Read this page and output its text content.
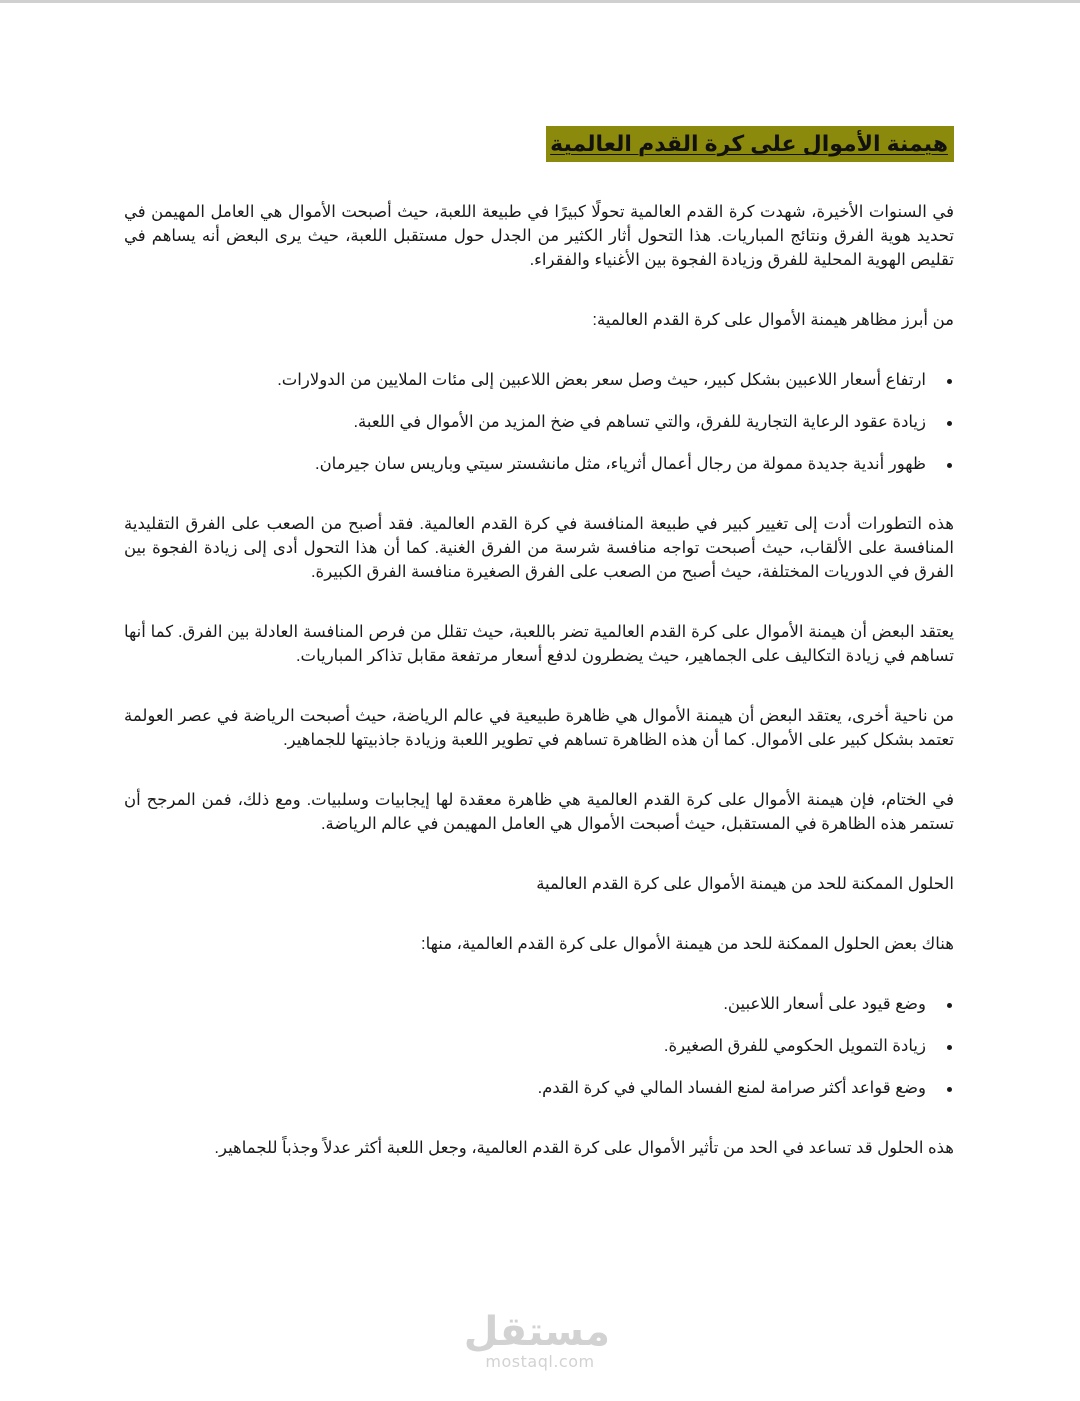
هيمنة الأموال على كرة القدم العالمية

في السنوات الأخيرة، شهدت كرة القدم العالمية تحولًا كبيرًا في طبيعة اللعبة، حيث أصبحت الأموال هي العامل المهيمن في تحديد هوية الفرق ونتائج المباريات. هذا التحول أثار الكثير من الجدل حول مستقبل اللعبة، حيث يرى البعض أنه يساهم في تقليص الهوية المحلية للفرق وزيادة الفجوة بين الأغنياء والفقراء.

من أبرز مظاهر هيمنة الأموال على كرة القدم العالمية:

ارتفاع أسعار اللاعبين بشكل كبير، حيث وصل سعر بعض اللاعبين إلى مئات الملايين من الدولارات.
زيادة عقود الرعاية التجارية للفرق، والتي تساهم في ضخ المزيد من الأموال في اللعبة.
ظهور أندية جديدة ممولة من رجال أعمال أثرياء، مثل مانشستر سيتي وباريس سان جيرمان.

هذه التطورات أدت إلى تغيير كبير في طبيعة المنافسة في كرة القدم العالمية. فقد أصبح من الصعب على الفرق التقليدية المنافسة على الألقاب، حيث أصبحت تواجه منافسة شرسة من الفرق الغنية. كما أن هذا التحول أدى إلى زيادة الفجوة بين الفرق في الدوريات المختلفة، حيث أصبح من الصعب على الفرق الصغيرة منافسة الفرق الكبيرة.

يعتقد البعض أن هيمنة الأموال على كرة القدم العالمية تضر باللعبة، حيث تقلل من فرص المنافسة العادلة بين الفرق. كما أنها تساهم في زيادة التكاليف على الجماهير، حيث يضطرون لدفع أسعار مرتفعة مقابل تذاكر المباريات.

من ناحية أخرى، يعتقد البعض أن هيمنة الأموال هي ظاهرة طبيعية في عالم الرياضة، حيث أصبحت الرياضة في عصر العولمة تعتمد بشكل كبير على الأموال. كما أن هذه الظاهرة تساهم في تطوير اللعبة وزيادة جاذبيتها للجماهير.

في الختام، فإن هيمنة الأموال على كرة القدم العالمية هي ظاهرة معقدة لها إيجابيات وسلبيات. ومع ذلك، فمن المرجح أن تستمر هذه الظاهرة في المستقبل، حيث أصبحت الأموال هي العامل المهيمن في عالم الرياضة.

الحلول الممكنة للحد من هيمنة الأموال على كرة القدم العالمية

هناك بعض الحلول الممكنة للحد من هيمنة الأموال على كرة القدم العالمية، منها:

وضع قيود على أسعار اللاعبين.
زيادة التمويل الحكومي للفرق الصغيرة.
وضع قواعد أكثر صرامة لمنع الفساد المالي في كرة القدم.

هذه الحلول قد تساعد في الحد من تأثير الأموال على كرة القدم العالمية، وجعل اللعبة أكثر عدلاً وجذباً للجماهير.

مستقل
mostaql.com
